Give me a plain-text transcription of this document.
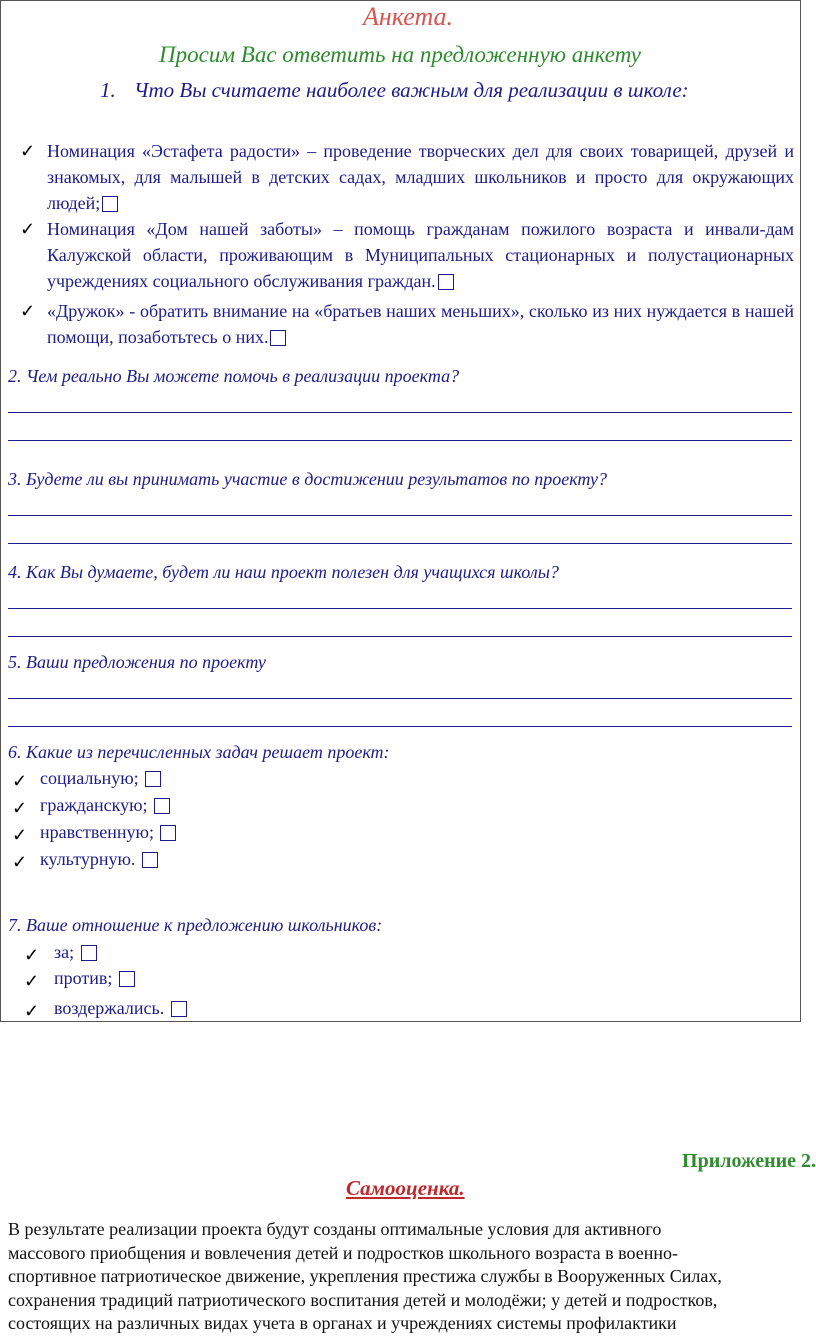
Анкета.
Просим Вас ответить на предложенную анкету
1. Что Вы считаете наиболее важным для реализации в школе:
✓ Номинация «Эстафета радости» – проведение творческих дел для своих товарищей, друзей и знакомых, для малышей в детских садах, младших школьников и просто для окружающих людей;
✓ Номинация «Дом нашей заботы» – помощь гражданам пожилого возраста и инвали-дам Калужской области, проживающим в Муниципальных стационарных и полустационарных учреждениях социального обслуживания граждан.
✓ «Дружок» - обратить внимание на «братьев наших меньших», сколько из них нуждается в нашей помощи, позаботьтесь о них.
2. Чем реально Вы можете помочь в реализации проекта?
3. Будете ли вы принимать участие в достижении результатов по проекту?
4. Как Вы думаете, будет ли наш проект полезен для учащихся школы?
5. Ваши предложения по проекту
6. Какие из перечисленных задач решает проект:
✓ социальную;
✓ гражданскую;
✓ нравственную;
✓ культурную.
7. Ваше отношение к предложению школьников:
✓ за;
✓ против;
✓ воздержались.
Приложение 2.
Самооценка.
В результате реализации проекта будут созданы оптимальные условия для активного
массового приобщения и вовлечения детей и подростков школьного возраста в военно-
спортивное патриотическое движение, укрепления престижа службы в Вооруженных Силах,
сохранения традиций патриотического воспитания детей и молодёжи; у детей и подростков,
состоящих на различных видах учета в органах и учреждениях системы профилактики
